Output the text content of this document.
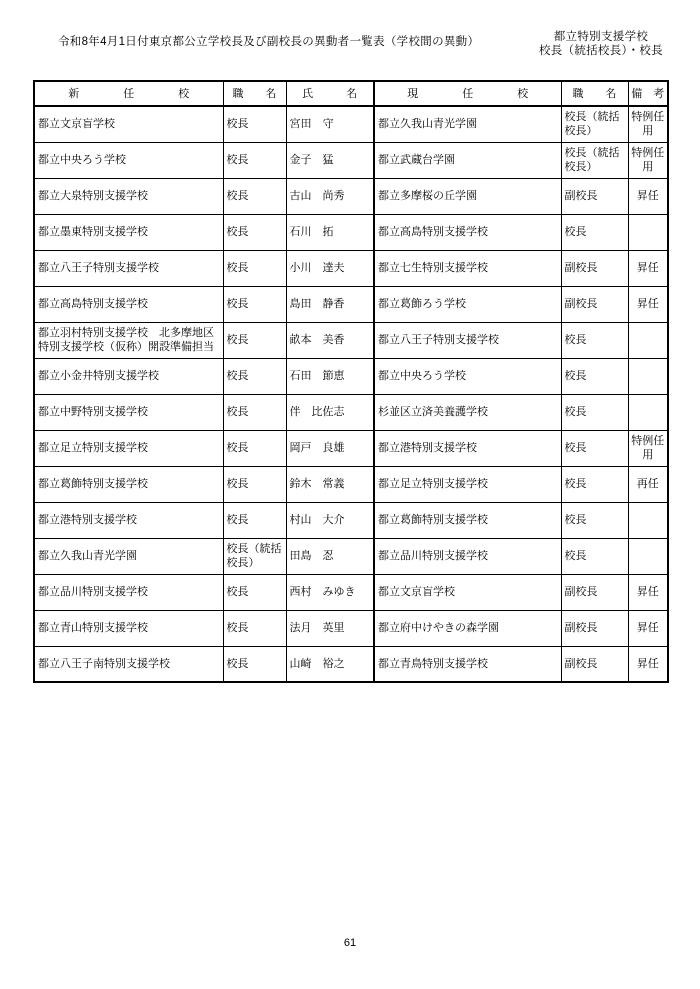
令和8年4月1日付東京都公立学校長及び副校長の異動者一覧表（学校間の異動）	都立特別支援学校
校長（統括校長）・校長
新　　　　任　　　　校	職　　名	氏　　　名	現　　　　任　　　　校	職　　名	備　考
都立文京盲学校	校長	宮田　守	都立久我山青光学園	校長（統括校長）	特例任用
都立中央ろう学校	校長	金子　猛	都立武蔵台学園	校長（統括校長）	特例任用
都立大泉特別支援学校	校長	古山　尚秀	都立多摩桜の丘学園	副校長	昇任
都立墨東特別支援学校	校長	石川　拓	都立高島特別支援学校	校長	
都立八王子特別支援学校	校長	小川　達夫	都立七生特別支援学校	副校長	昇任
都立高島特別支援学校	校長	島田　静香	都立葛飾ろう学校	副校長	昇任
都立羽村特別支援学校　北多摩地区特別支援学校（仮称）開設準備担当	校長	畝本　美香	都立八王子特別支援学校	校長	
都立小金井特別支援学校	校長	石田　節恵	都立中央ろう学校	校長	
都立中野特別支援学校	校長	伴　比佐志	杉並区立済美養護学校	校長	
都立足立特別支援学校	校長	岡戸　良雄	都立港特別支援学校	校長	特例任用
都立葛飾特別支援学校	校長	鈴木　常義	都立足立特別支援学校	校長	再任
都立港特別支援学校	校長	村山　大介	都立葛飾特別支援学校	校長	
都立久我山青光学園	校長（統括校長）	田島　忍	都立品川特別支援学校	校長	
都立品川特別支援学校	校長	西村　みゆき	都立文京盲学校	副校長	昇任
都立青山特別支援学校	校長	法月　英里	都立府中けやきの森学園	副校長	昇任
都立八王子南特別支援学校	校長	山崎　裕之	都立青鳥特別支援学校	副校長	昇任
61
